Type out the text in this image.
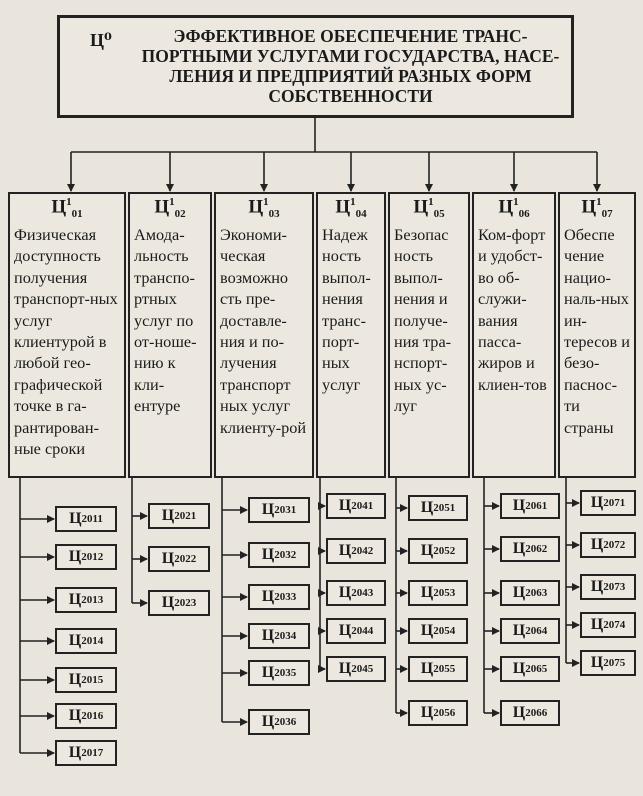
Ц⁰	ЭФФЕКТИВНОЕ ОБЕСПЕЧЕНИЕ ТРАНС-ПОРТНЫМИ УСЛУГАМИ ГОСУДАРСТВА, НАСЕ-ЛЕНИЯ И ПРЕДПРИЯТИЙ РАЗНЫХ ФОРМ СОБСТВЕННОСТИ
$Ц^1_{01}$
Физическая доступность получения транспорт-ных услуг клиентурой в любой гео-графической точке в га-рантирован-ные сроки
$Ц^1_{02}$
Амода-льность транспо-ртных услуг по от-ноше-нию к кли-ентуре
$Ц^1_{03}$
Экономи-ческая возможно сть пре-доставле-ния и по-лучения транспорт ных услуг клиенту-рой
$Ц^1_{04}$
Надеж ность выпол-нения транс-порт-ных услуг
$Ц^1_{05}$
Безопас ность выпол-нения и получе-ния тра-нспорт-ных ус-луг
$Ц^1_{06}$
Ком-форт и удобст-во об-служи-вания пасса-жиров и клиен-тов
$Ц^1_{07}$
Обеспе чение нацио-наль-ных ин-тересов и безо-паснос-ти страны
Ц 2 011
Ц 2 012
Ц 2 013
Ц 2 014
Ц 2 015
Ц 2 016
Ц 2 017
Ц 2 021
Ц 2 022
Ц 2 023
Ц 2 031
Ц 2 032
Ц 2 033
Ц 2 034
Ц 2 035
Ц 2 036
Ц 2 041
Ц 2 042
Ц 2 043
Ц 2 044
Ц 2 045
Ц 2 051
Ц 2 052
Ц 2 053
Ц 2 054
Ц 2 055
Ц 2 056
Ц 2 061
Ц 2 062
Ц 2 063
Ц 2 064
Ц 2 065
Ц 2 066
Ц 2 071
Ц 2 072
Ц 2 073
Ц 2 074
Ц 2 075
